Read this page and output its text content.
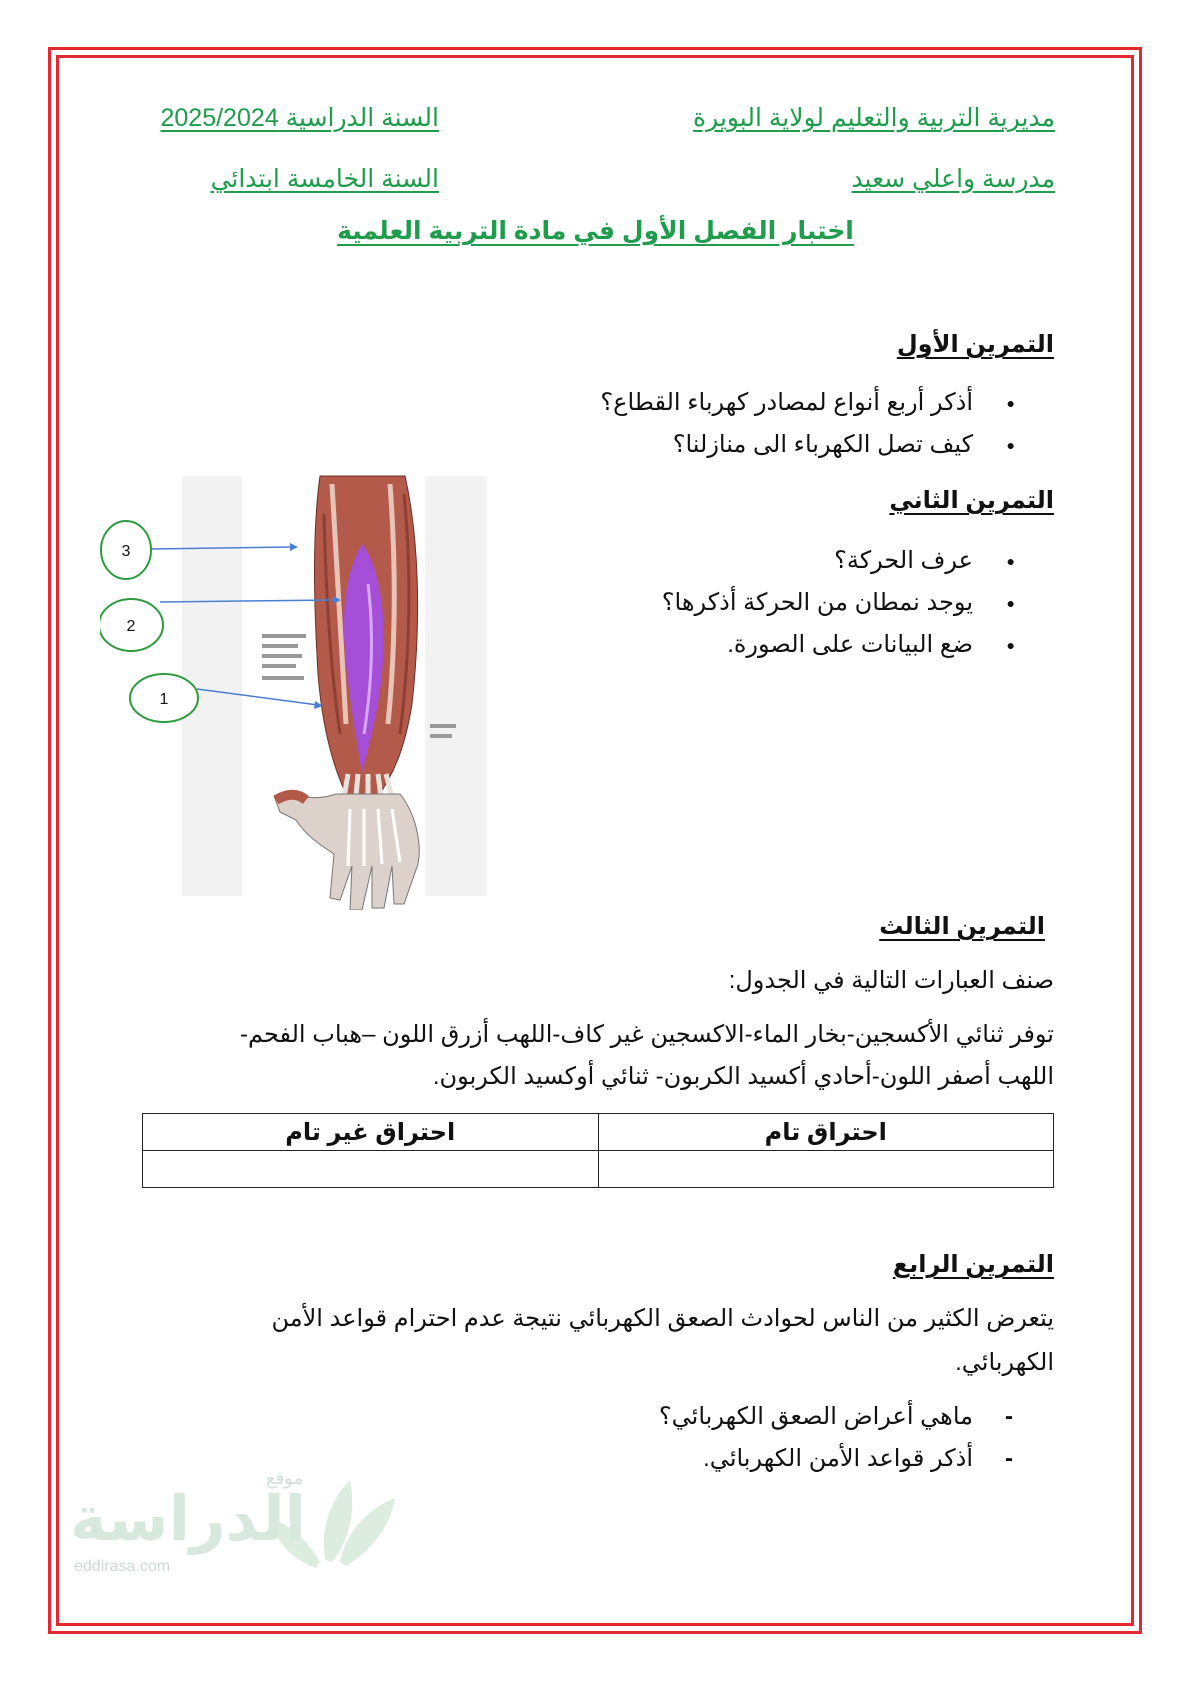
مديرية التربية والتعليم لولاية البويرة
السنة الدراسية 2025/2024
مدرسة واعلي سعيد
السنة الخامسة ابتدائي
اختبار الفصل الأول في مادة التربية العلمية
التمرين الأول
● أذكر أربع أنواع لمصادر كهرباء القطاع؟
● كيف تصل الكهرباء الى منازلنا؟
التمرين الثاني
● عرف الحركة؟
● يوجد نمطان من الحركة أذكرها؟
● ضع البيانات على الصورة.
3
2
1
التمرين الثالث
صنف العبارات التالية في الجدول:
توفر ثنائي الأكسجين-بخار الماء-الاكسجين غير كاف-اللهب أزرق اللون –هباب الفحم-
اللهب أصفر اللون-أحادي أكسيد الكربون- ثنائي أوكسيد الكربون.
احتراق تام	احتراق غير تام

التمرين الرابع
يتعرض الكثير من الناس لحوادث الصعق الكهربائي نتيجة عدم احترام قواعد الأمن
الكهربائي.
- ماهي أعراض الصعق الكهربائي؟
- أذكر قواعد الأمن الكهربائي.
موقع
الدراسة
eddirasa.com
